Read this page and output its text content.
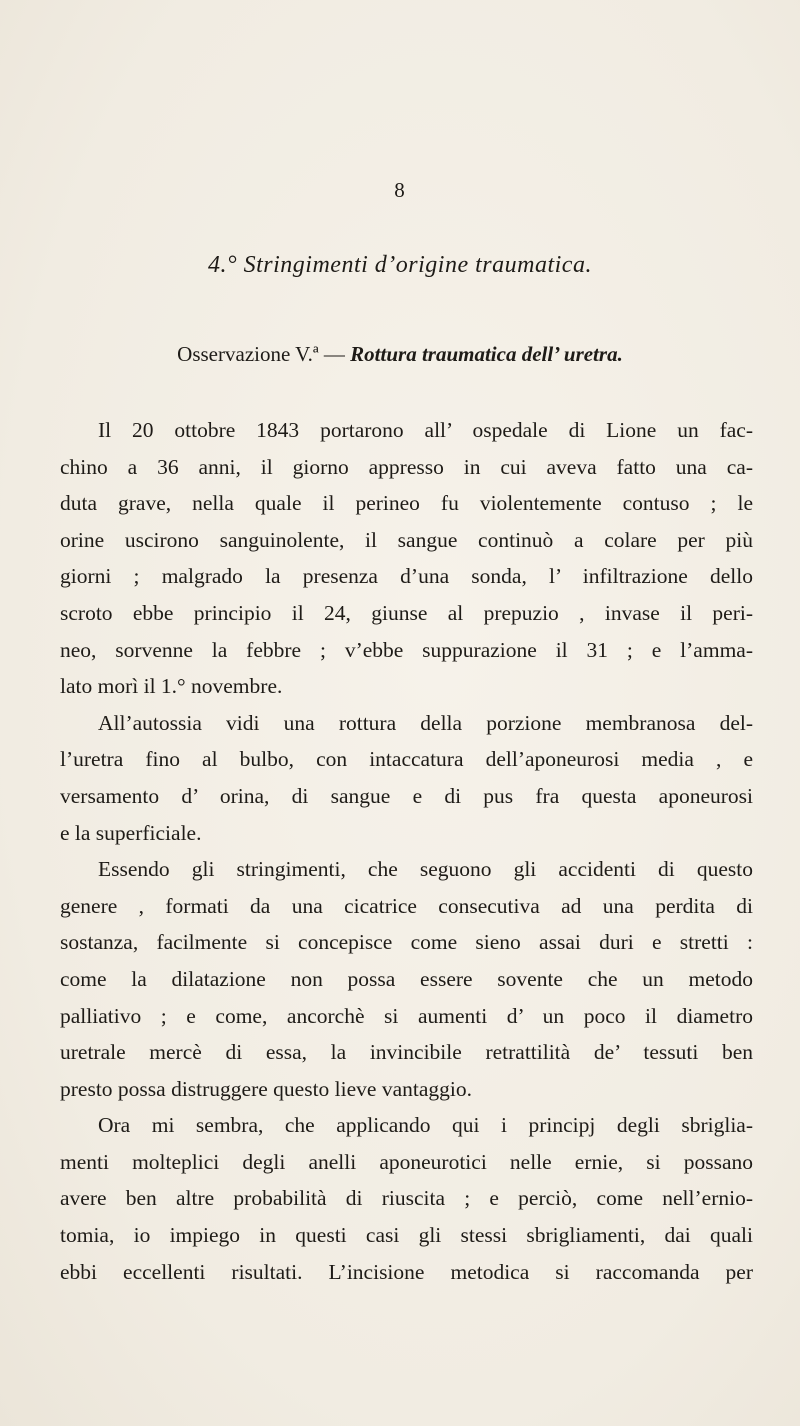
8
4.° Stringimenti d’origine traumatica.
Osservazione V.ª — Rottura traumatica dell’ uretra.
Il 20 ottobre 1843 portarono all’ ospedale di Lione un fac-
chino a 36 anni, il giorno appresso in cui aveva fatto una ca-
duta grave, nella quale il perineo fu violentemente contuso ; le
orine uscirono sanguinolente, il sangue continuò a colare per più
giorni ; malgrado la presenza d’una sonda, l’ infiltrazione dello
scroto ebbe principio il 24, giunse al prepuzio , invase il peri-
neo, sorvenne la febbre ; v’ebbe suppurazione il 31 ; e l’amma-
lato morì il 1.° novembre.
All’autossia vidi una rottura della porzione membranosa del-
l’uretra fino al bulbo, con intaccatura dell’aponeurosi media , e
versamento d’ orina, di sangue e di pus fra questa aponeurosi
e la superficiale.
Essendo gli stringimenti, che seguono gli accidenti di questo
genere , formati da una cicatrice consecutiva ad una perdita di
sostanza, facilmente si concepisce come sieno assai duri e stretti :
come la dilatazione non possa essere sovente che un metodo
palliativo ; e come, ancorchè si aumenti d’ un poco il diametro
uretrale mercè di essa, la invincibile retrattilità de’ tessuti ben
presto possa distruggere questo lieve vantaggio.
Ora mi sembra, che applicando qui i principj degli sbriglia-
menti molteplici degli anelli aponeurotici nelle ernie, si possano
avere ben altre probabilità di riuscita ; e perciò, come nell’ernio-
tomia, io impiego in questi casi gli stessi sbrigliamenti, dai quali
ebbi eccellenti risultati. L’incisione metodica si raccomanda per
